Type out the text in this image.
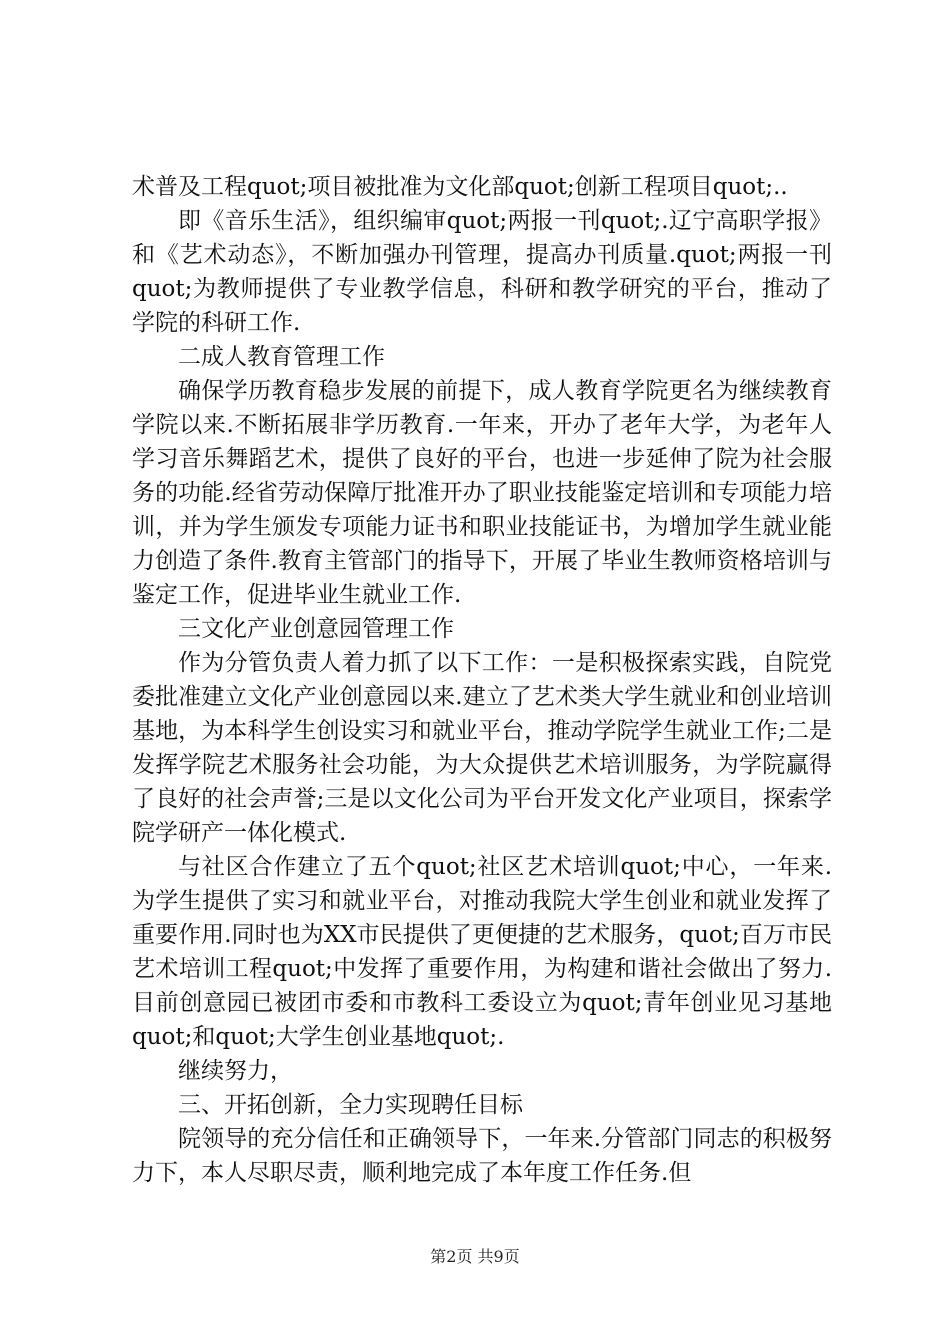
术普及工程quot;项目被批准为文化部quot;创新工程项目quot;..

即《音乐生活》，组织编审quot;两报一刊quot;.辽宁高职学报》和《艺术动态》，不断加强办刊管理，提高办刊质量.quot;两报一刊quot;为教师提供了专业教学信息，科研和教学研究的平台，推动了学院的科研工作.

二成人教育管理工作

确保学历教育稳步发展的前提下，成人教育学院更名为继续教育学院以来.不断拓展非学历教育.一年来，开办了老年大学，为老年人学习音乐舞蹈艺术，提供了良好的平台，也进一步延伸了院为社会服务的功能.经省劳动保障厅批准开办了职业技能鉴定培训和专项能力培训，并为学生颁发专项能力证书和职业技能证书，为增加学生就业能力创造了条件.教育主管部门的指导下，开展了毕业生教师资格培训与鉴定工作，促进毕业生就业工作.

三文化产业创意园管理工作

作为分管负责人着力抓了以下工作：一是积极探索实践，自院党委批准建立文化产业创意园以来.建立了艺术类大学生就业和创业培训基地，为本科学生创设实习和就业平台，推动学院学生就业工作;二是发挥学院艺术服务社会功能，为大众提供艺术培训服务，为学院赢得了良好的社会声誉;三是以文化公司为平台开发文化产业项目，探索学院学研产一体化模式.

与社区合作建立了五个quot;社区艺术培训quot;中心，一年来.为学生提供了实习和就业平台，对推动我院大学生创业和就业发挥了重要作用.同时也为XX市民提供了更便捷的艺术服务，quot;百万市民艺术培训工程quot;中发挥了重要作用，为构建和谐社会做出了努力.目前创意园已被团市委和市教科工委设立为quot;青年创业见习基地quot;和quot;大学生创业基地quot;.

继续努力，

三、开拓创新，全力实现聘任目标

院领导的充分信任和正确领导下，一年来.分管部门同志的积极努力下，本人尽职尽责，顺利地完成了本年度工作任务.但

第2页 共9页
